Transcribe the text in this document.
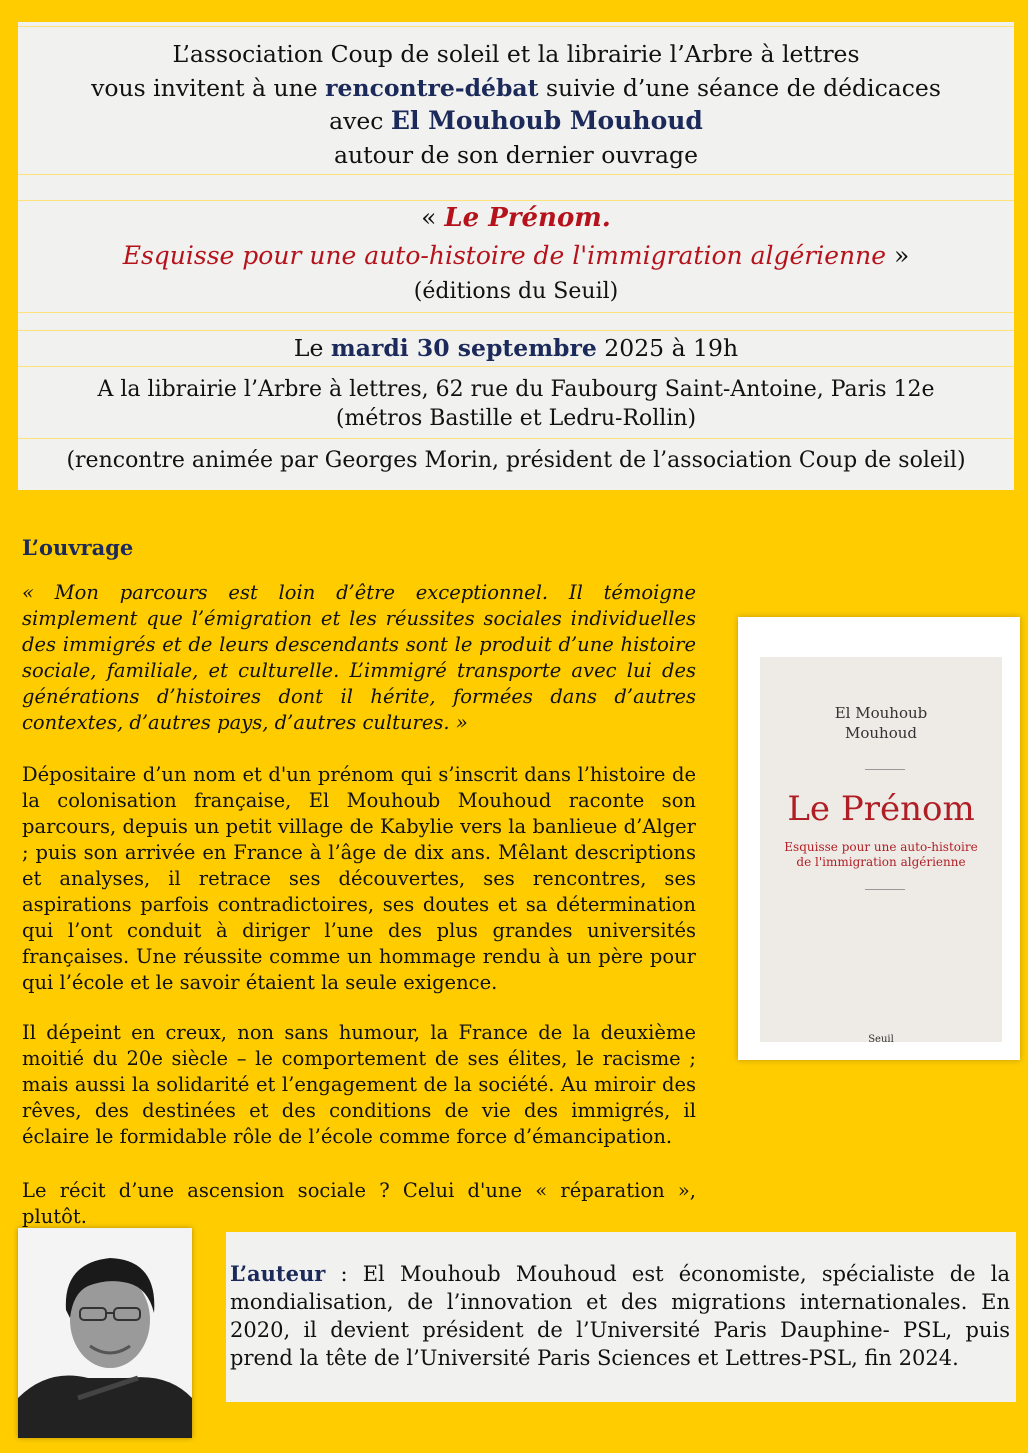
L’association Coup de soleil et la librairie l’Arbre à lettres
vous invitent à une rencontre-débat suivie d’une séance de dédicaces
avec El Mouhoub Mouhoud
autour de son dernier ouvrage
« Le Prénom.
Esquisse pour une auto-histoire de l'immigration algérienne »
(éditions du Seuil)
Le mardi 30 septembre 2025 à 19h
A la librairie l’Arbre à lettres, 62 rue du Faubourg Saint-Antoine, Paris 12e
(métros Bastille et Ledru-Rollin)
(rencontre animée par Georges Morin, président de l’association Coup de soleil)
L’ouvrage

« Mon parcours est loin d’être exceptionnel. Il témoigne simplement que l’émigration et les réussites sociales individuelles des immigrés et de leurs descendants sont le produit d’une histoire sociale, familiale, et culturelle. L’immigré transporte avec lui des générations d’histoires dont il hérite, formées dans d’autres contextes, d’autres pays, d’autres cultures. »

Dépositaire d’un nom et d'un prénom qui s’inscrit dans l’histoire de la colonisation française, El Mouhoub Mouhoud raconte son parcours, depuis un petit village de Kabylie vers la banlieue d’Alger ; puis son arrivée en France à l’âge de dix ans. Mêlant descriptions et analyses, il retrace ses découvertes, ses rencontres, ses aspirations parfois contradictoires, ses doutes et sa détermination qui l’ont conduit à diriger l’une des plus grandes universités françaises. Une réussite comme un hommage rendu à un père pour qui l’école et le savoir étaient la seule exigence.

Il dépeint en creux, non sans humour, la France de la deuxième moitié du 20e siècle – le comportement de ses élites, le racisme ; mais aussi la solidarité et l’engagement de la société. Au miroir des rêves, des destinées et des conditions de vie des immigrés, il éclaire le formidable rôle de l’école comme force d’émancipation.

Le récit d’une ascension sociale ? Celui d'une « réparation », plutôt.

El Mouhoub
Mouhoud
Le Prénom
Esquisse pour une auto-histoire
de l'immigration algérienne
Seuil

L’auteur : El Mouhoub Mouhoud est économiste, spécialiste de la mondialisation, de l’innovation et des migrations internationales. En 2020, il devient président de l’Université Paris Dauphine- PSL, puis prend la tête de l’Université Paris Sciences et Lettres-PSL, fin 2024.
